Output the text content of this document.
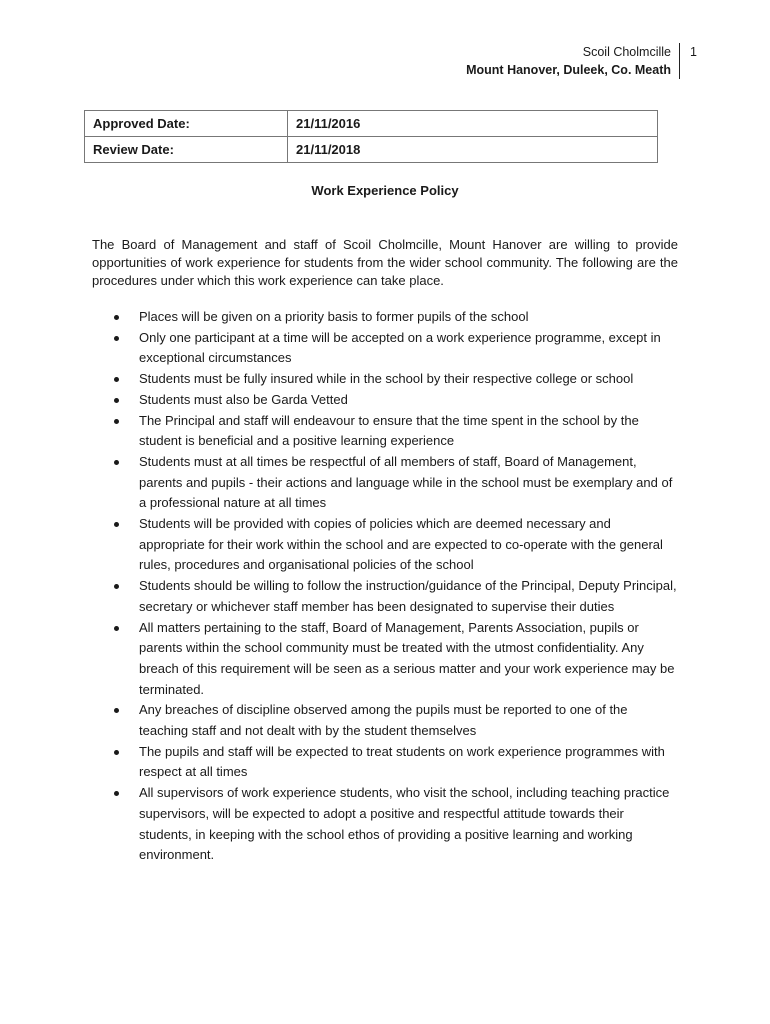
Scoil Cholmcille
Mount Hanover, Duleek, Co. Meath
1
Approved Date:	21/11/2016
Review Date:	21/11/2018
Work Experience Policy

The Board of Management and staff of Scoil Cholmcille, Mount Hanover are willing to provide opportunities of work experience for students from the wider school community. The following are the procedures under which this work experience can take place.

Places will be given on a priority basis to former pupils of the school
Only one participant at a time will be accepted on a work experience programme, except in exceptional circumstances
Students must be fully insured while in the school by their respective college or school
Students must also be Garda Vetted
The Principal and staff will endeavour to ensure that the time spent in the school by the student is beneficial and a positive learning experience
Students must at all times be respectful of all members of staff, Board of Management, parents and pupils - their actions and language while in the school must be exemplary and of a professional nature at all times
Students will be provided with copies of policies which are deemed necessary and appropriate for their work within the school and are expected to co-operate with the general rules, procedures and organisational policies of the school
Students should be willing to follow the instruction/guidance of the Principal, Deputy Principal, secretary or whichever staff member has been designated to supervise their duties
All matters pertaining to the staff, Board of Management, Parents Association, pupils or parents within the school community must be treated with the utmost confidentiality. Any breach of this requirement will be seen as a serious matter and your work experience may be terminated.
Any breaches of discipline observed among the pupils must be reported to one of the teaching staff and not dealt with by the student themselves
The pupils and staff will be expected to treat students on work experience programmes with respect at all times
All supervisors of work experience students, who visit the school, including teaching practice supervisors, will be expected to adopt a positive and respectful attitude towards their students, in keeping with the school ethos of providing a positive learning and working environment.
